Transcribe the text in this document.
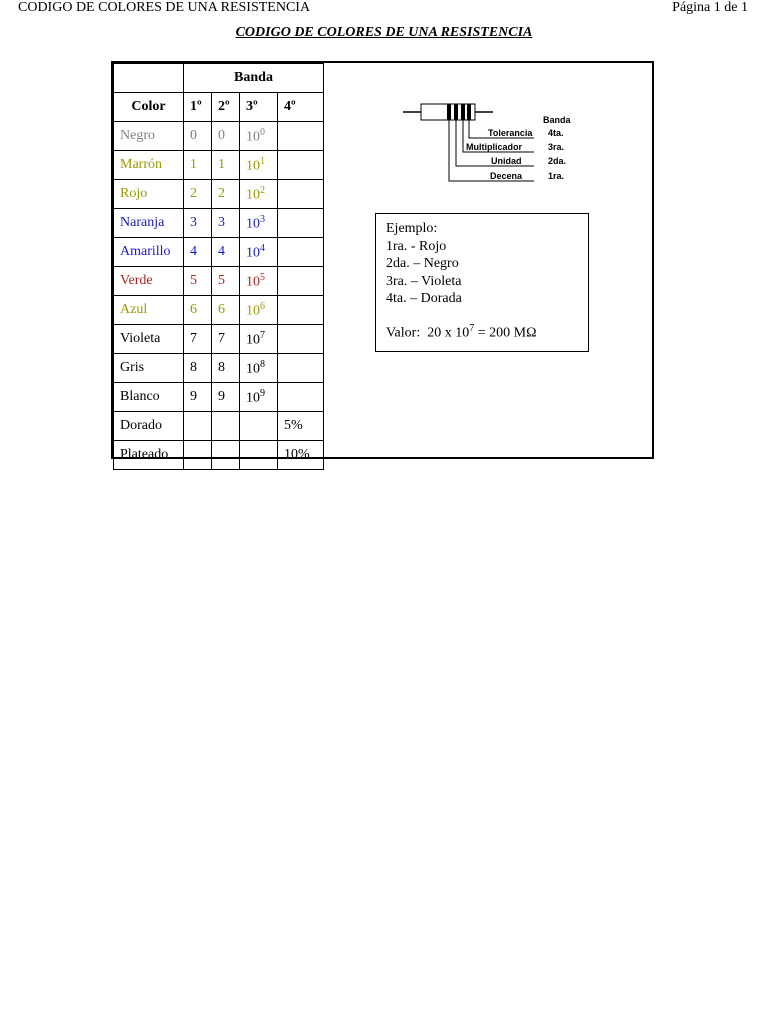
CODIGO DE COLORES DE UNA RESISTENCIA	Página 1 de 1
CODIGO DE COLORES DE UNA RESISTENCIA
	Banda			
Color	1º	2º	3º	4º
Negro	0	0	$10^0$	
Marrón	1	1	$10^1$	
Rojo	2	2	$10^2$	
Naranja	3	3	$10^3$	
Amarillo	4	4	$10^4$	
Verde	5	5	$10^5$	
Azul	6	6	$10^6$	
Violeta	7	7	$10^7$	
Gris	8	8	$10^8$	
Blanco	9	9	$10^9$	
Dorado				5%
Plateado				10%
Banda
Tolerancia
Multiplicador
Unidad
Decena
4ta.
3ra.
2da.
1ra.
Ejemplo:
1ra. - Rojo
2da. – Negro
3ra. – Violeta
4ta. – Dorada
Valor:  20 x $10^7 = 200$ MΩ
